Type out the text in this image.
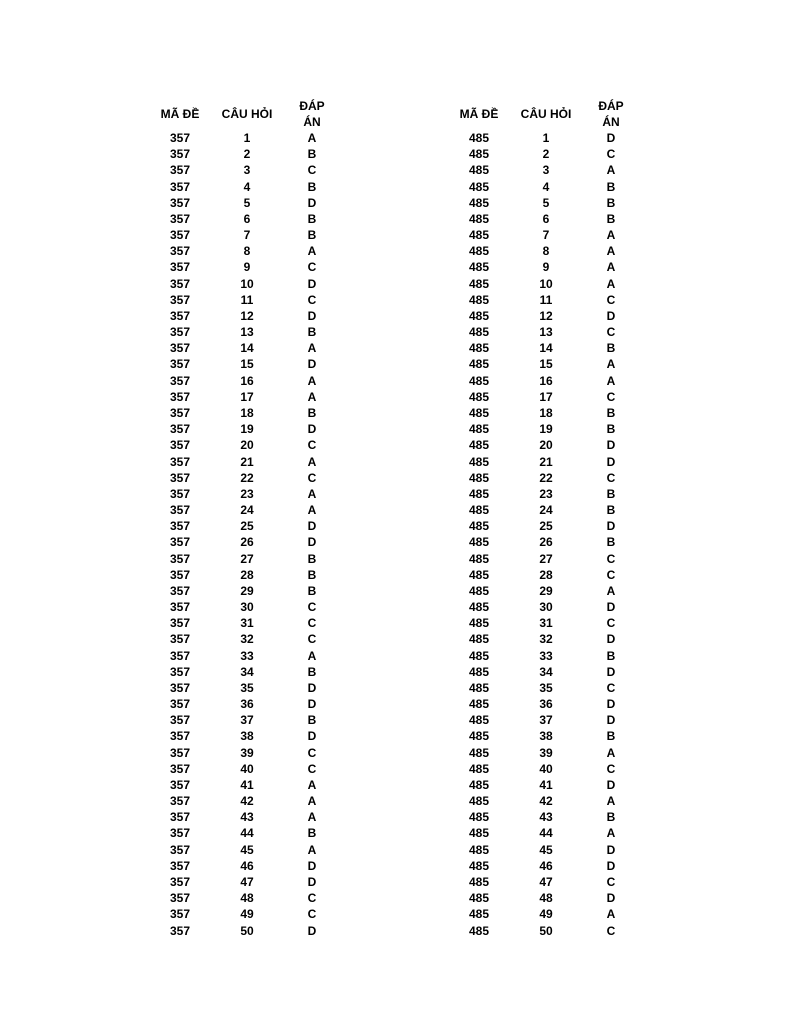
MÃ ĐỀ	CÂU HỎI	ĐÁP ÁN
357	1	A
357	2	B
357	3	C
357	4	B
357	5	D
357	6	B
357	7	B
357	8	A
357	9	C
357	10	D
357	11	C
357	12	D
357	13	B
357	14	A
357	15	D
357	16	A
357	17	A
357	18	B
357	19	D
357	20	C
357	21	A
357	22	C
357	23	A
357	24	A
357	25	D
357	26	D
357	27	B
357	28	B
357	29	B
357	30	C
357	31	C
357	32	C
357	33	A
357	34	B
357	35	D
357	36	D
357	37	B
357	38	D
357	39	C
357	40	C
357	41	A
357	42	A
357	43	A
357	44	B
357	45	A
357	46	D
357	47	D
357	48	C
357	49	C
357	50	D
MÃ ĐỀ	CÂU HỎI	ĐÁP ÁN
485	1	D
485	2	C
485	3	A
485	4	B
485	5	B
485	6	B
485	7	A
485	8	A
485	9	A
485	10	A
485	11	C
485	12	D
485	13	C
485	14	B
485	15	A
485	16	A
485	17	C
485	18	B
485	19	B
485	20	D
485	21	D
485	22	C
485	23	B
485	24	B
485	25	D
485	26	B
485	27	C
485	28	C
485	29	A
485	30	D
485	31	C
485	32	D
485	33	B
485	34	D
485	35	C
485	36	D
485	37	D
485	38	B
485	39	A
485	40	C
485	41	D
485	42	A
485	43	B
485	44	A
485	45	D
485	46	D
485	47	C
485	48	D
485	49	A
485	50	C
